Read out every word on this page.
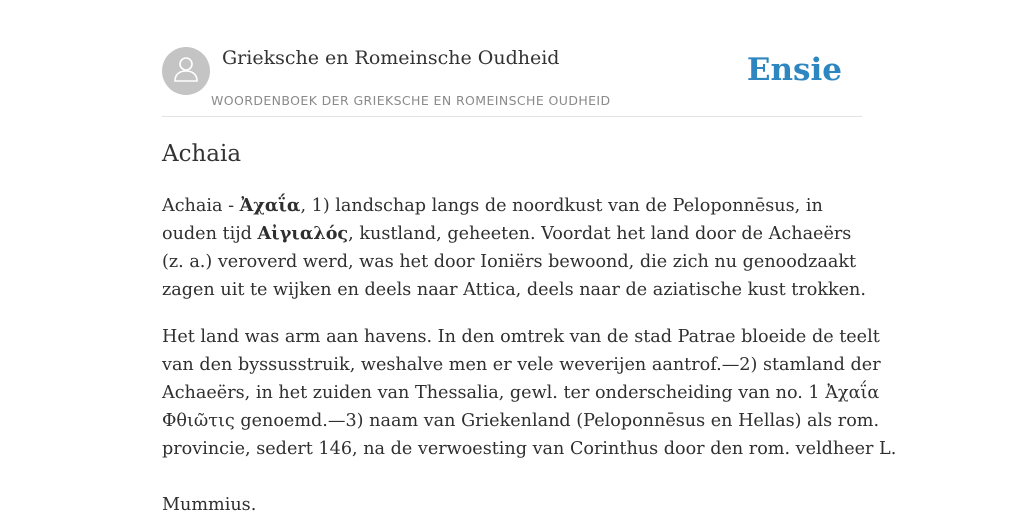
Grieksche en Romeinsche Oudheid
WOORDENBOEK DER GRIEKSCHE EN ROMEINSCHE OUDHEID
Ensie
Achaia

Achaia - Ἀχαΐα, 1) landschap langs de noordkust van de Peloponnēsus, in
ouden tijd Αἰγιαλός, kustland, geheeten. Voordat het land door de Achaeërs
(z. a.) veroverd werd, was het door Ioniërs bewoond, die zich nu genoodzaakt
zagen uit te wijken en deels naar Attica, deels naar de aziatische kust trokken.

Het land was arm aan havens. In den omtrek van de stad Patrae bloeide de teelt
van den byssusstruik, weshalve men er vele weverijen aantrof.—2) stamland der
Achaeërs, in het zuiden van Thessalia, gewl. ter onderscheiding van no. 1 Ἀχαΐα
Φθιῶτις genoemd.—3) naam van Griekenland (Peloponnēsus en Hellas) als rom.
provincie, sedert 146, na de verwoesting van Corinthus door den rom. veldheer L.

Mummius.
